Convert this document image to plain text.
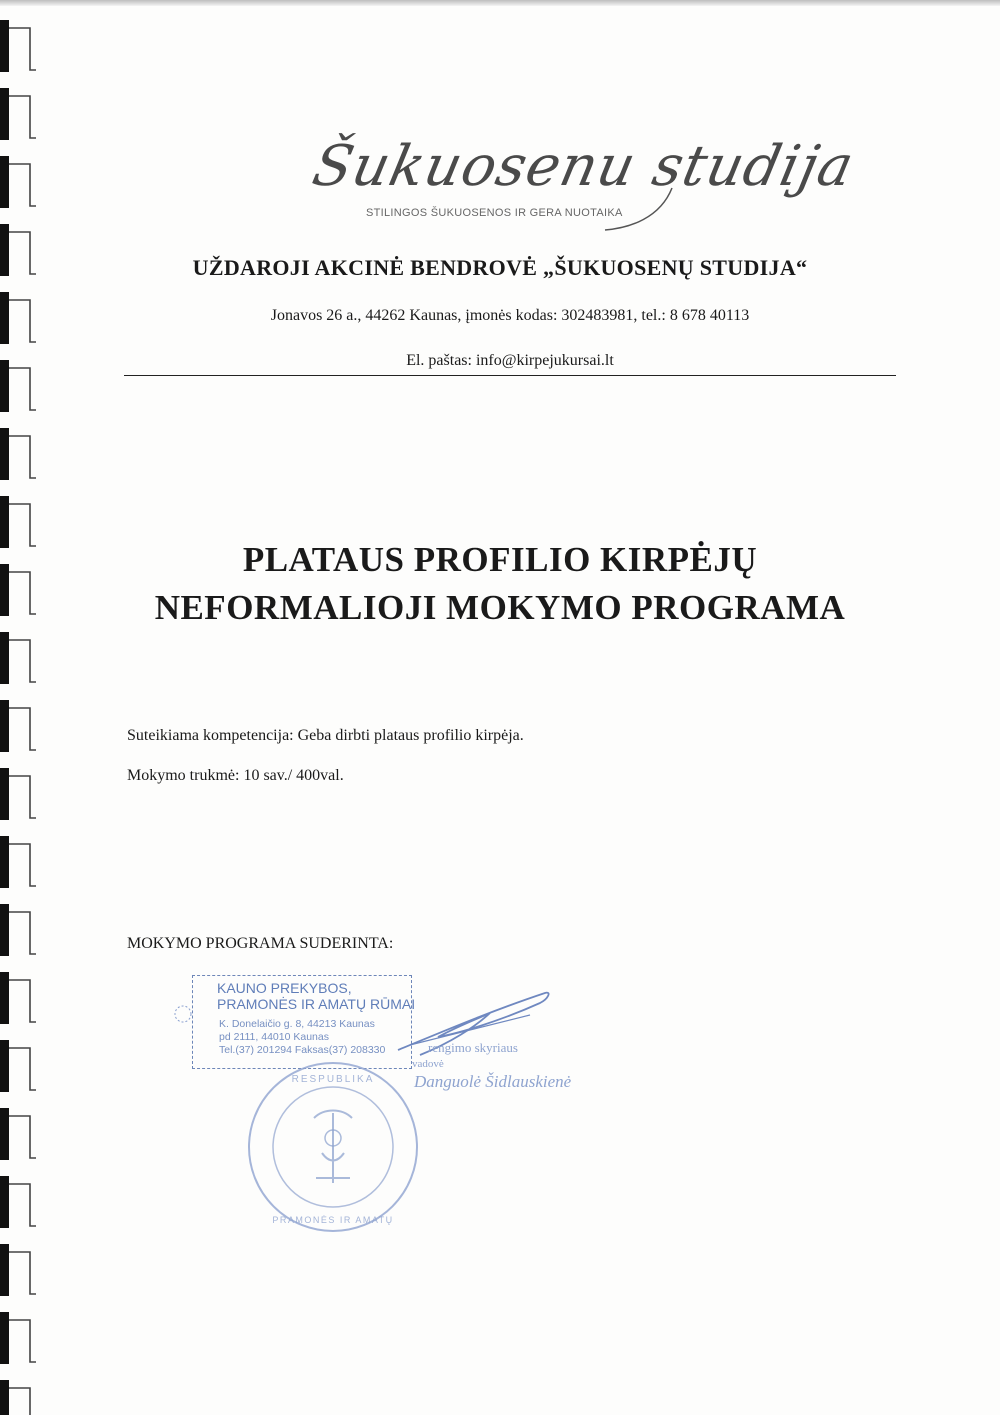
Šukuosenu studija
STILINGOS ŠUKUOSENOS IR GERA NUOTAIKA
UŽDAROJI AKCINĖ BENDROVĖ „ŠUKUOSENŲ STUDIJA“
Jonavos 26 a., 44262 Kaunas, įmonės kodas: 302483981, tel.: 8 678 40113
El. paštas: info@kirpejukursai.lt
PLATAUS PROFILIO KIRPĖJŲ
NEFORMALIOJI MOKYMO PROGRAMA
Suteikiama kompetencija: Geba dirbti plataus profilio kirpėja.
Mokymo trukmė: 10 sav./ 400val.
MOKYMO PROGRAMA SUDERINTA:
KAUNO PREKYBOS,
PRAMONĖS IR AMATŲ RŪMAI
K. Donelaičio g. 8, 44213 Kaunas
pd 2111, 44010 Kaunas
Tel.(37) 201294 Faksas(37) 208330
RESPUBLIKA
PRAMONĖS IR AMATŲ
rengimo skyriaus
vadovė
Danguolė Šidlauskienė
